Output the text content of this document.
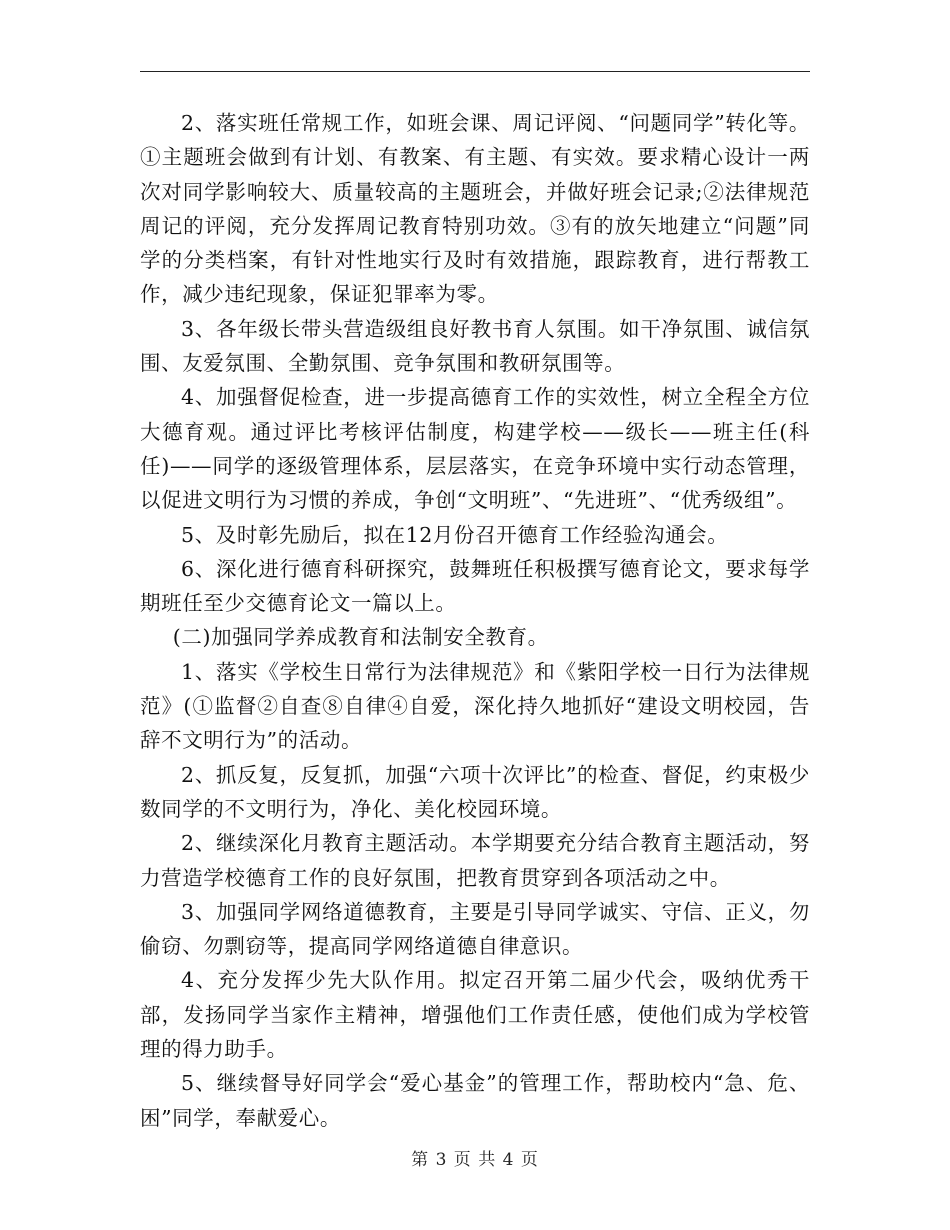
2、落实班任常规工作，如班会课、周记评阅、“问题同学”转化等。①主题班会做到有计划、有教案、有主题、有实效。要求精心设计一两次对同学影响较大、质量较高的主题班会，并做好班会记录;②法律规范周记的评阅，充分发挥周记教育特别功效。③有的放矢地建立“问题”同学的分类档案，有针对性地实行及时有效措施，跟踪教育，进行帮教工作，减少违纪现象，保证犯罪率为零。

3、各年级长带头营造级组良好教书育人氛围。如干净氛围、诚信氛围、友爱氛围、全勤氛围、竞争氛围和教研氛围等。

4、加强督促检查，进一步提高德育工作的实效性，树立全程全方位大德育观。通过评比考核评估制度，构建学校——级长——班主任(科任)——同学的逐级管理体系，层层落实，在竞争环境中实行动态管理，以促进文明行为习惯的养成，争创“文明班”、“先进班”、“优秀级组”。

5、及时彰先励后，拟在12月份召开德育工作经验沟通会。

6、深化进行德育科研探究，鼓舞班任积极撰写德育论文，要求每学期班任至少交德育论文一篇以上。

(二)加强同学养成教育和法制安全教育。

1、落实《学校生日常行为法律规范》和《紫阳学校一日行为法律规范》(①监督②自查⑧自律④自爱，深化持久地抓好“建设文明校园，告辞不文明行为”的活动。

2、抓反复，反复抓，加强“六项十次评比”的检查、督促，约束极少数同学的不文明行为，净化、美化校园环境。

2、继续深化月教育主题活动。本学期要充分结合教育主题活动，努力营造学校德育工作的良好氛围，把教育贯穿到各项活动之中。

3、加强同学网络道德教育，主要是引导同学诚实、守信、正义，勿偷窃、勿剽窃等，提高同学网络道德自律意识。

4、充分发挥少先大队作用。拟定召开第二届少代会，吸纳优秀干部，发扬同学当家作主精神，增强他们工作责任感，使他们成为学校管理的得力助手。

5、继续督导好同学会“爱心基金”的管理工作，帮助校内“急、危、困”同学，奉献爱心。

第 3 页 共 4 页
